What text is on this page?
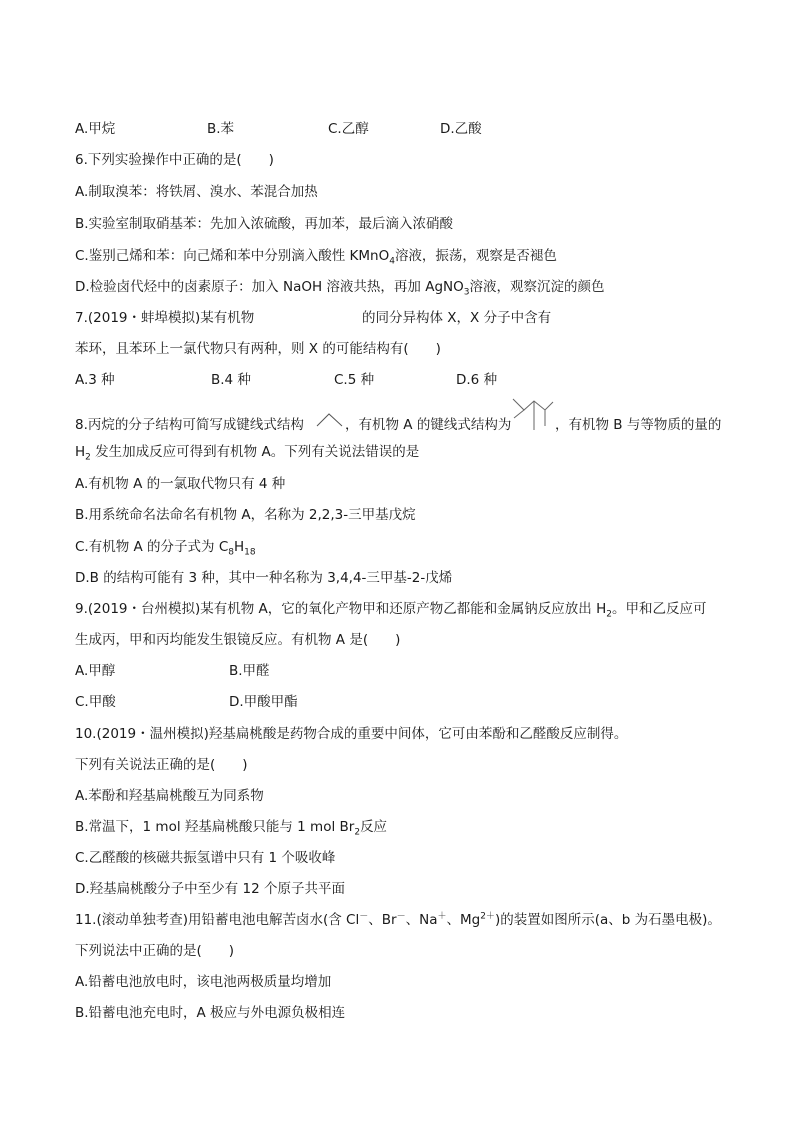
A.甲烷	B.苯	C.乙醇	D.乙酸
6.下列实验操作中正确的是(　　)
A.制取溴苯：将铁屑、溴水、苯混合加热
B.实验室制取硝基苯：先加入浓硫酸，再加苯，最后滴入浓硝酸
C.鉴别己烯和苯：向己烯和苯中分别滴入酸性 KMnO$_4$溶液，振荡，观察是否褪色
D.检验卤代烃中的卤素原子：加入 NaOH 溶液共热，再加 AgNO$_3$溶液，观察沉淀的颜色
7.(2019・蚌埠模拟)某有机物	的同分异构体 X，X 分子中含有
苯环，且苯环上一氯代物只有两种，则 X 的可能结构有(　　)
A.3 种	B.4 种	C.5 种	D.6 种
8.丙烷的分子结构可简写成键线式结构	，有机物 A 的键线式结构为	，有机物 B 与等物质的量的
$H_2$ 发生加成反应可得到有机物 A。下列有关说法错误的是
A.有机物 A 的一氯取代物只有 4 种
B.用系统命名法命名有机物 A，名称为 2,2,3-三甲基戊烷
C.有机物 A 的分子式为 $C_8H_{18}$
D.B 的结构可能有 3 种，其中一种名称为 3,4,4-三甲基-2-戊烯
9.(2019・台州模拟)某有机物 A，它的氧化产物甲和还原产物乙都能和金属钠反应放出 $H_2$。甲和乙反应可
生成丙，甲和丙均能发生银镜反应。有机物 A 是(　　)
A.甲醇	B.甲醛
C.甲酸	D.甲酸甲酯
10.(2019・温州模拟)羟基扁桃酸是药物合成的重要中间体，它可由苯酚和乙醛酸反应制得。
下列有关说法正确的是(　　)
A.苯酚和羟基扁桃酸互为同系物
B.常温下，1 mol 羟基扁桃酸只能与 1 mol $Br_2$反应
C.乙醛酸的核磁共振氢谱中只有 1 个吸收峰
D.羟基扁桃酸分子中至少有 12 个原子共平面
11.(滚动单独考查)用铅蓄电池电解苦卤水(含 Cl－、Br－、Na＋、$Mg^{2+}$)的装置如图所示(a、b 为石墨电极)。
下列说法中正确的是(　　)
A.铅蓄电池放电时，该电池两极质量均增加
B.铅蓄电池充电时，A 极应与外电源负极相连
